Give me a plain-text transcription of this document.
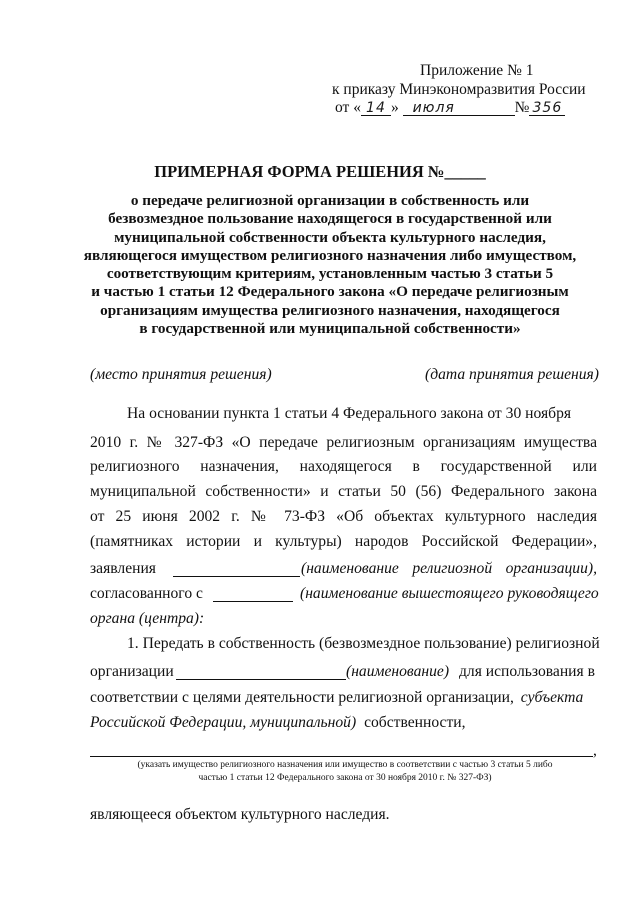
Приложение № 1
к приказу Минэкономразвития России
от « 14 » июля	№ 356
ПРИМЕРНАЯ ФОРМА РЕШЕНИЯ №_____
о передаче религиозной организации в собственность или
безвозмездное пользование находящегося в государственной или
муниципальной собственности объекта культурного наследия,
являющегося имуществом религиозного назначения либо имуществом,
соответствующим критериям, установленным частью 3 статьи 5
и частью 1 статьи 12 Федерального закона «О передаче религиозным
организациям имущества религиозного назначения, находящегося
в государственной или муниципальной собственности»
(место принятия решения)	(дата принятия решения)
На основании пункта 1 статьи 4 Федерального закона от 30 ноября
2010 г. № 327-ФЗ «О передаче религиозным организациям имущества
религиозного назначения, находящегося в государственной или
муниципальной собственности» и статьи 50 (56) Федерального закона
от 25 июня 2002 г. № 73-ФЗ «Об объектах культурного наследия
(памятниках истории и культуры) народов Российской Федерации»,
заявления	(наименование религиозной организации),
согласованного с	(наименование вышестоящего руководящего
органа (центра):
1. Передать в собственность (безвозмездное пользование) религиозной
организации	(наименование) для использования в
соответствии с целями деятельности религиозной организации, субъекта
Российской Федерации, муниципальной) собственности,
,
(указать имущество религиозного назначения или имущество в соответствии с частью 3 статьи 5 либо
частью 1 статьи 12 Федерального закона от 30 ноября 2010 г. № 327-ФЗ)
являющееся объектом культурного наследия.
